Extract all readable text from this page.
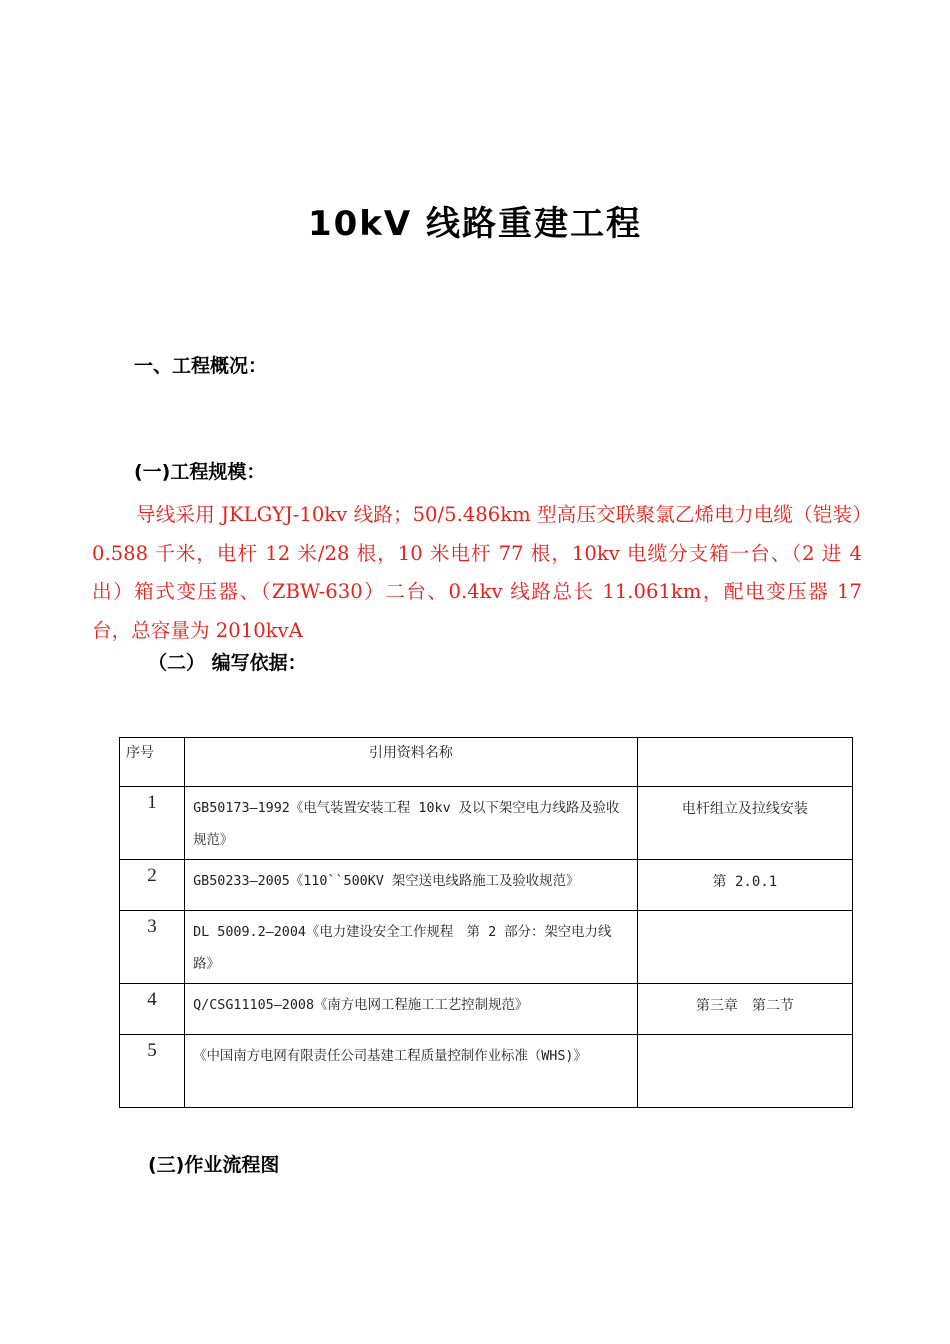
10kV 线路重建工程
一、工程概况：
(一)工程规模：

导线采用 JKLGYJ-10kv 线路；50/5.486km 型高压交联聚氯乙烯电力电缆（铠装）0.588 千米，电杆 12 米/28 根，10 米电杆 77 根，10kv 电缆分支箱一台、（2 进 4 出）箱式变压器、（ZBW-630）二台、0.4kv 线路总长 11.061km，配电变压器 17 台，总容量为 2010kvA

（二） 编写依据：
序号	引用资料名称	
1	GB50173—1992《电气装置安装工程 10kv 及以下架空电力线路及验收规范》	电杆组立及拉线安装
2	GB50233—2005《110``500KV 架空送电线路施工及验收规范》	第 2.0.1
3	DL 5009.2—2004《电力建设安全工作规程　第 2 部分：架空电力线路》	
4	Q/CSG11105—2008《南方电网工程施工工艺控制规范》	第三章　第二节
5	《中国南方电网有限责任公司基建工程质量控制作业标准（WHS)》	
(三)作业流程图
